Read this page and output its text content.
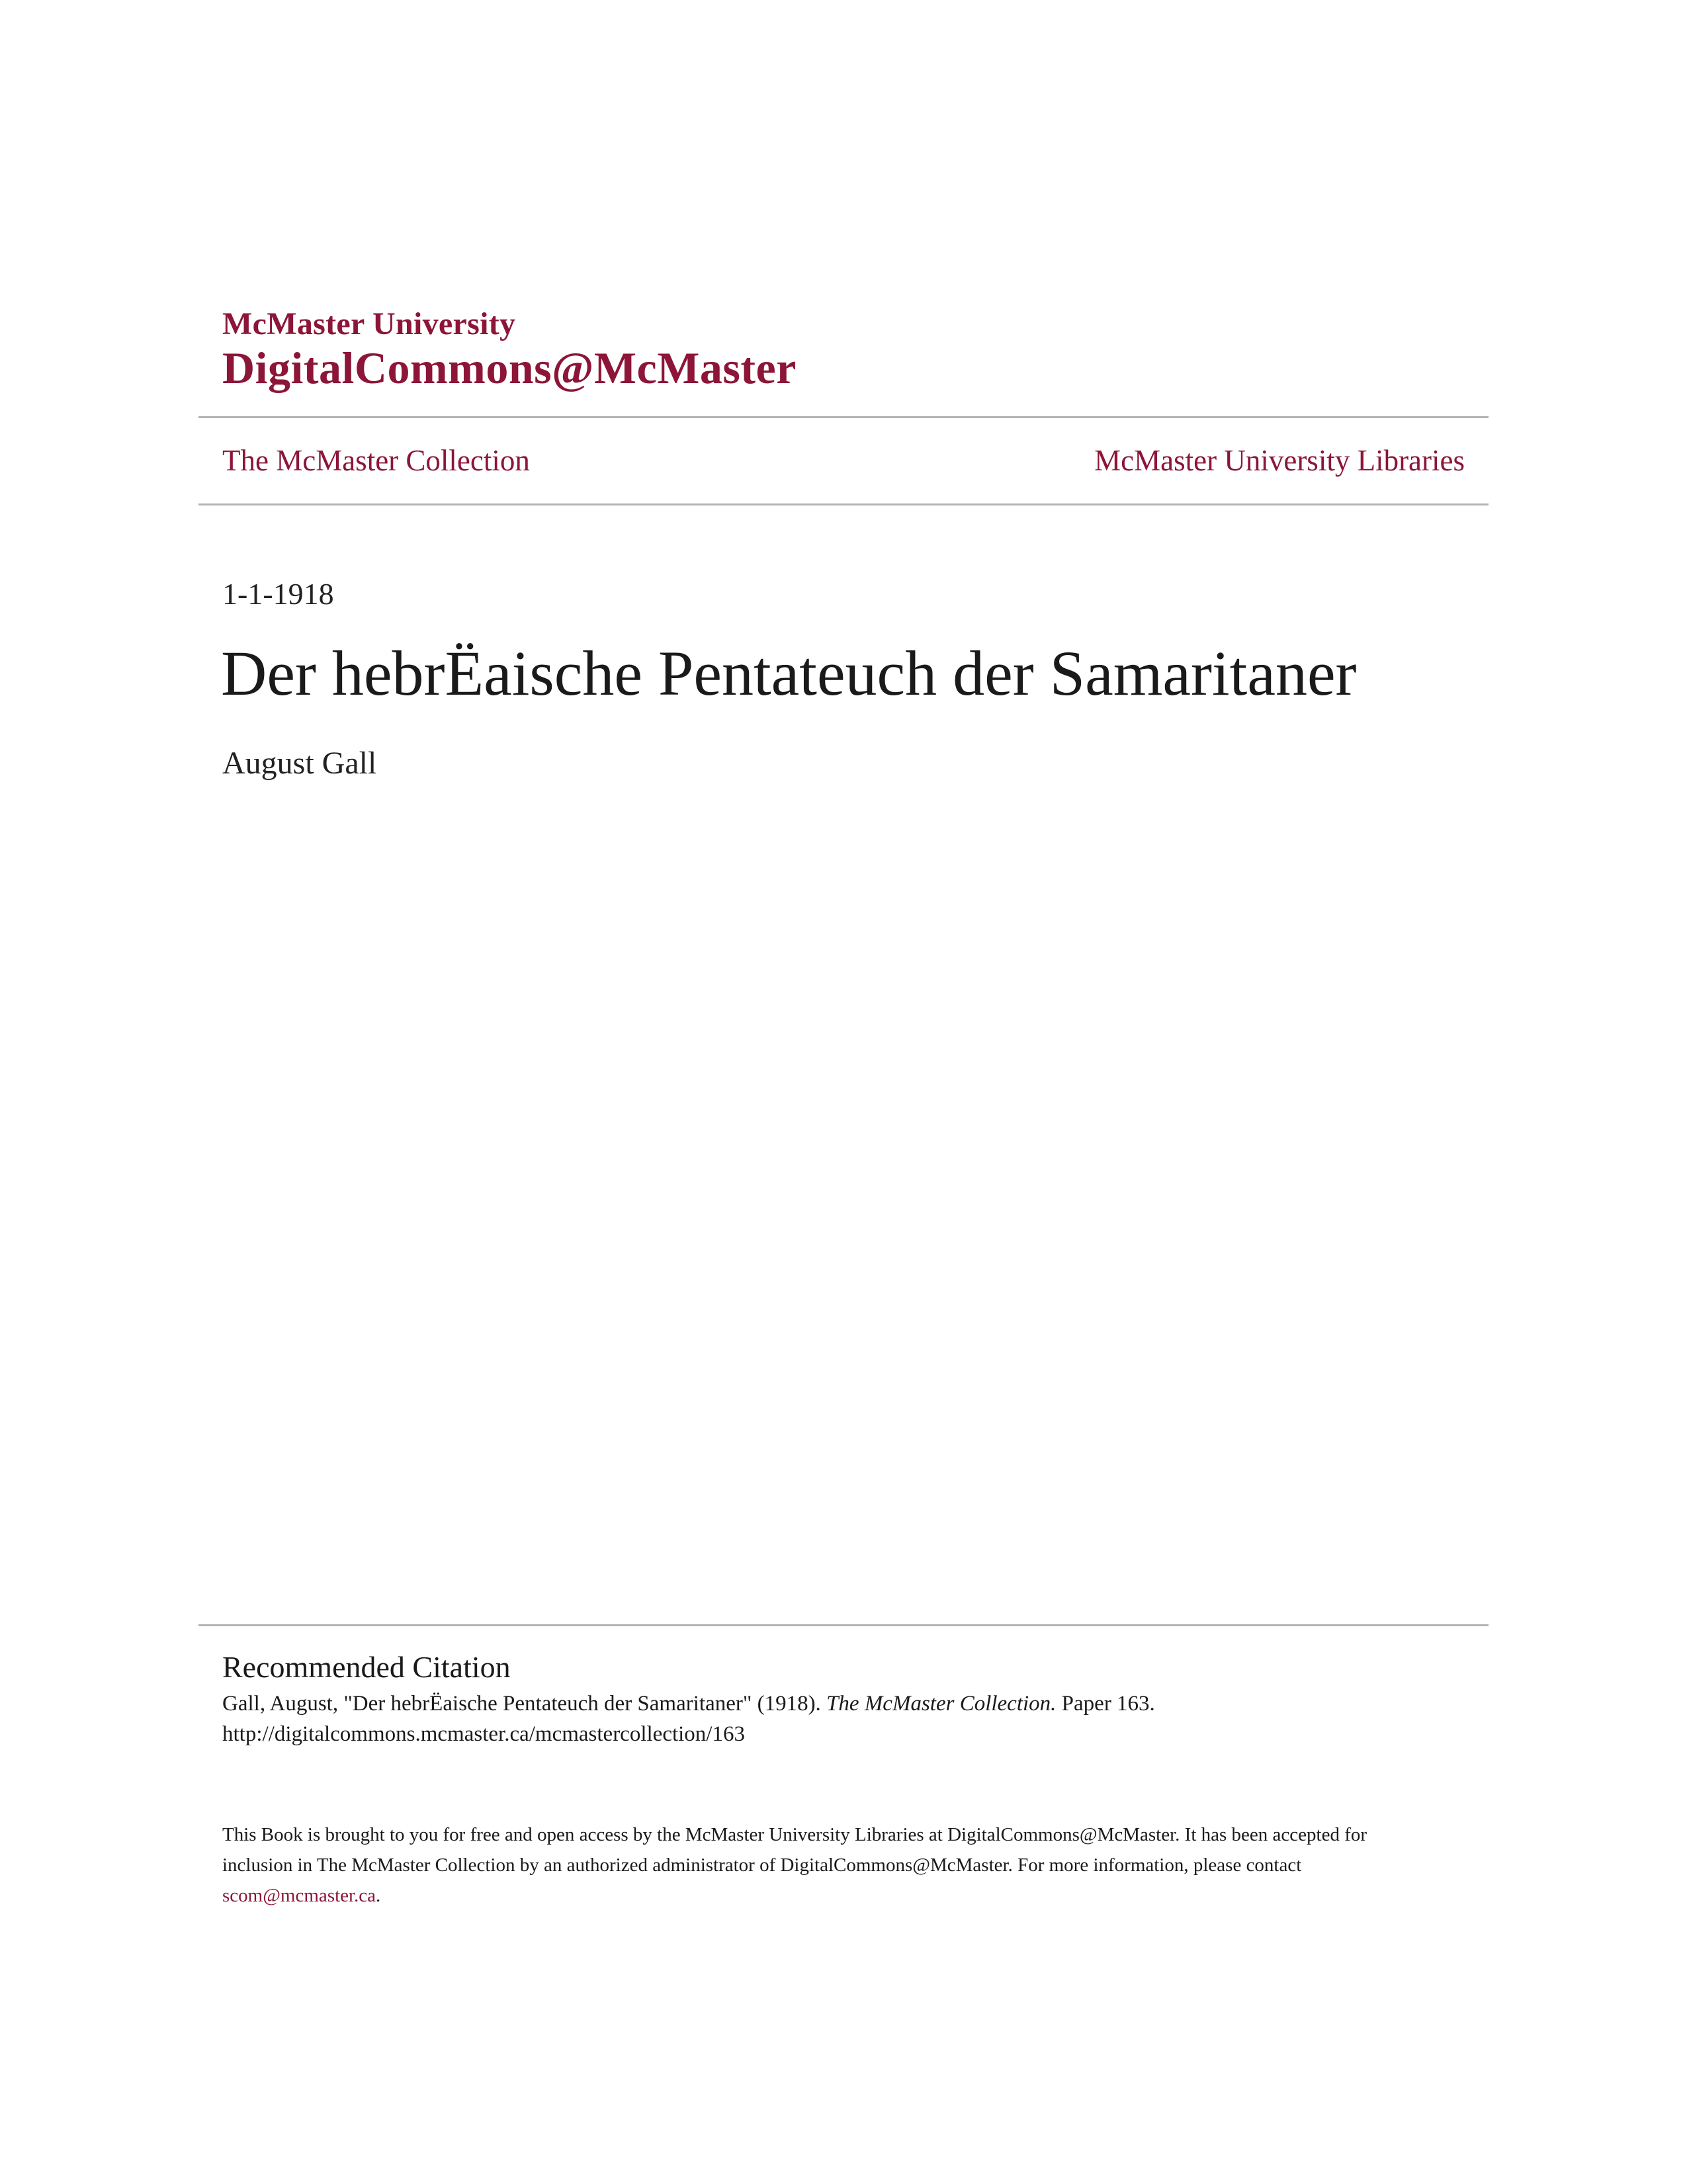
McMaster University
DigitalCommons@McMaster
The McMaster Collection	McMaster University Libraries
1-1-1918
Der hebrËaische Pentateuch der Samaritaner
August Gall
Recommended Citation
Gall, August, "Der hebrËaische Pentateuch der Samaritaner" (1918). The McMaster Collection. Paper 163.
http://digitalcommons.mcmaster.ca/mcmastercollection/163
This Book is brought to you for free and open access by the McMaster University Libraries at DigitalCommons@McMaster. It has been accepted for
inclusion in The McMaster Collection by an authorized administrator of DigitalCommons@McMaster. For more information, please contact
scom@mcmaster.ca.
